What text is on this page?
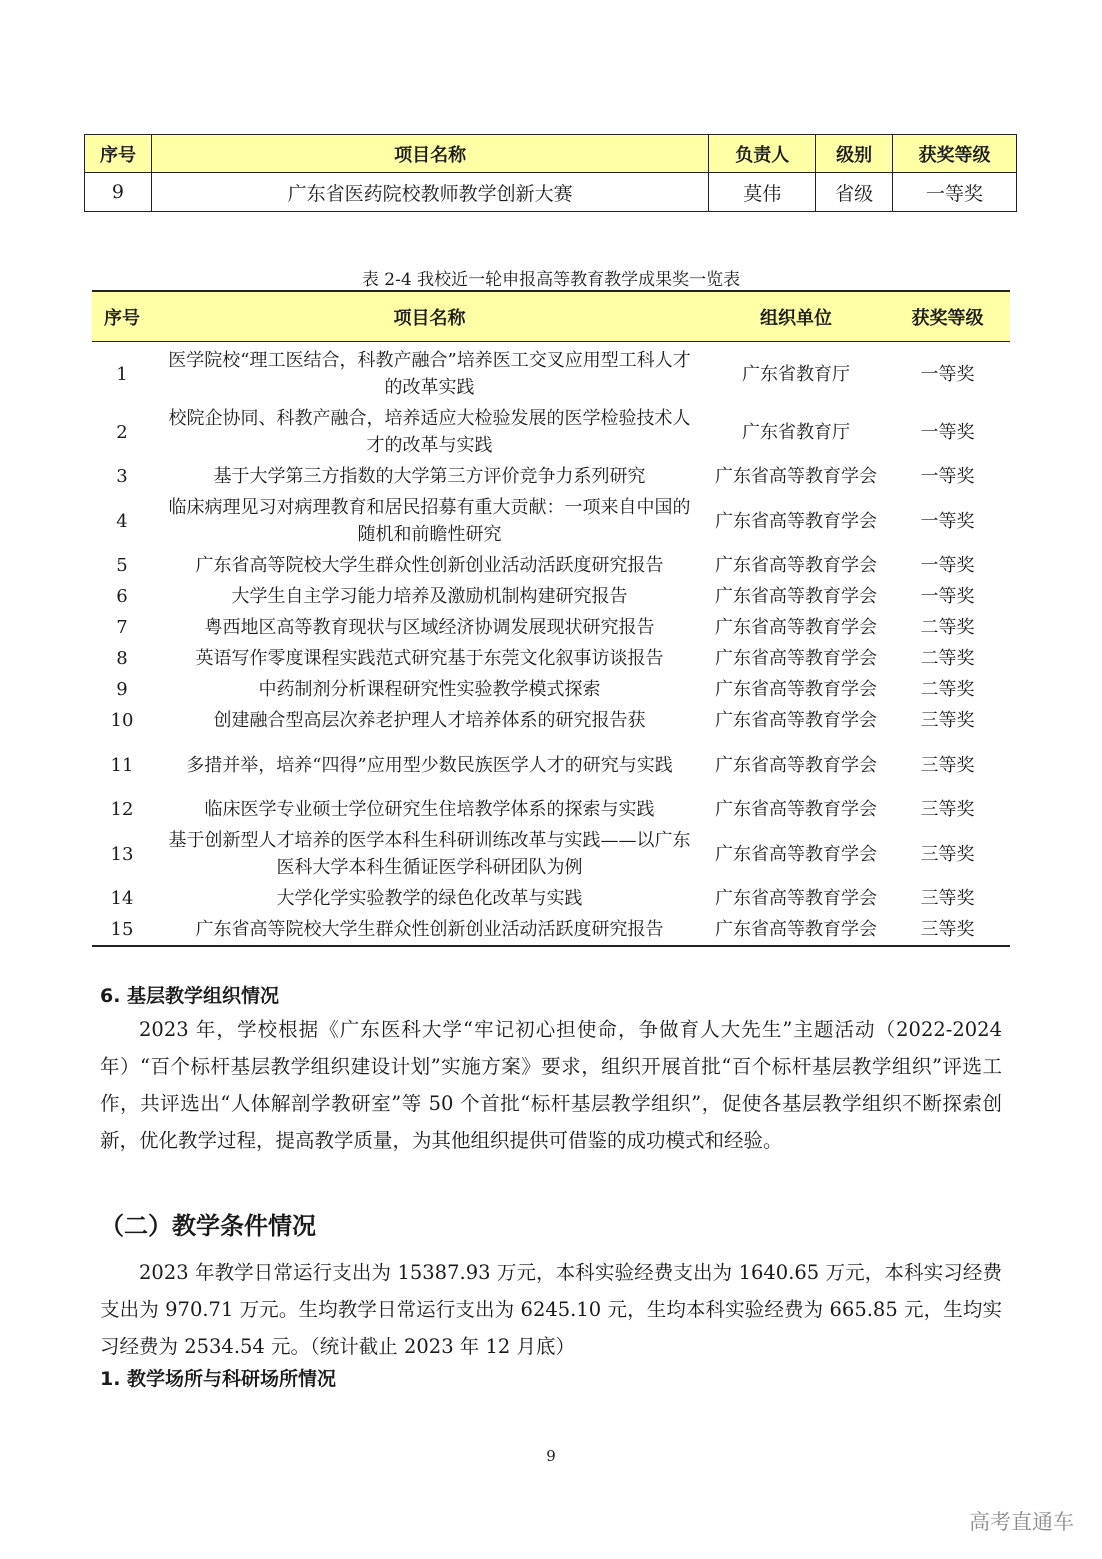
序号	项目名称	负责人	级别	获奖等级
9	广东省医药院校教师教学创新大赛	莫伟	省级	一等奖
表 2-4 我校近一轮申报高等教育教学成果奖一览表
序号	项目名称	组织单位	获奖等级
1	医学院校“理工医结合，科教产融合”培养医工交叉应用型工科人才的改革实践	广东省教育厅	一等奖
2	校院企协同、科教产融合，培养适应大检验发展的医学检验技术人才的改革与实践	广东省教育厅	一等奖
3	基于大学第三方指数的大学第三方评价竞争力系列研究	广东省高等教育学会	一等奖
4	临床病理见习对病理教育和居民招募有重大贡献：一项来自中国的随机和前瞻性研究	广东省高等教育学会	一等奖
5	广东省高等院校大学生群众性创新创业活动活跃度研究报告	广东省高等教育学会	一等奖
6	大学生自主学习能力培养及激励机制构建研究报告	广东省高等教育学会	一等奖
7	粤西地区高等教育现状与区域经济协调发展现状研究报告	广东省高等教育学会	二等奖
8	英语写作零度课程实践范式研究基于东莞文化叙事访谈报告	广东省高等教育学会	二等奖
9	中药制剂分析课程研究性实验教学模式探索	广东省高等教育学会	二等奖
10	创建融合型高层次养老护理人才培养体系的研究报告获	广东省高等教育学会	三等奖
11	多措并举，培养“四得”应用型少数民族医学人才的研究与实践	广东省高等教育学会	三等奖
12	临床医学专业硕士学位研究生住培教学体系的探索与实践	广东省高等教育学会	三等奖
13	基于创新型人才培养的医学本科生科研训练改革与实践——以广东医科大学本科生循证医学科研团队为例	广东省高等教育学会	三等奖
14	大学化学实验教学的绿色化改革与实践	广东省高等教育学会	三等奖
15	广东省高等院校大学生群众性创新创业活动活跃度研究报告	广东省高等教育学会	三等奖
6. 基层教学组织情况

2023 年，学校根据《广东医科大学“牢记初心担使命，争做育人大先生”主题活动（2022-2024 年）“百个标杆基层教学组织建设计划”实施方案》要求，组织开展首批“百个标杆基层教学组织”评选工作，共评选出“人体解剖学教研室”等 50 个首批“标杆基层教学组织”，促使各基层教学组织不断探索创新，优化教学过程，提高教学质量，为其他组织提供可借鉴的成功模式和经验。

（二）教学条件情况

2023 年教学日常运行支出为 15387.93 万元，本科实验经费支出为 1640.65 万元，本科实习经费支出为 970.71 万元。生均教学日常运行支出为 6245.10 元，生均本科实验经费为 665.85 元，生均实习经费为 2534.54 元。（统计截止 2023 年 12 月底）

1. 教学场所与科研场所情况
9
高考直通车
